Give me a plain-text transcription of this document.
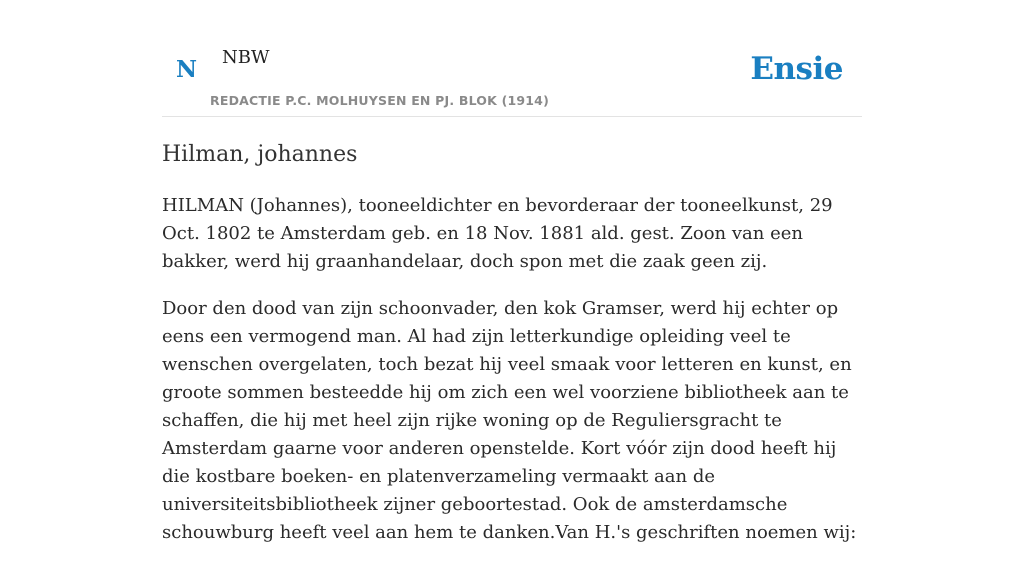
N NBW
REDACTIE P.C. MOLHUYSEN EN PJ. BLOK (1914)
Ensie
Hilman, johannes

HILMAN (Johannes), tooneeldichter en bevorderaar der tooneelkunst, 29 Oct. 1802 te Amsterdam geb. en 18 Nov. 1881 ald. gest. Zoon van een bakker, werd hij graanhandelaar, doch spon met die zaak geen zij.

Door den dood van zijn schoonvader, den kok Gramser, werd hij echter op eens een vermogend man. Al had zijn letterkundige opleiding veel te wenschen overgelaten, toch bezat hij veel smaak voor letteren en kunst, en groote sommen besteedde hij om zich een wel voorziene bibliotheek aan te schaffen, die hij met heel zijn rijke woning op de Reguliersgracht te Amsterdam gaarne voor anderen openstelde. Kort vóór zijn dood heeft hij die kostbare boeken- en platenverzameling vermaakt aan de universiteitsbibliotheek zijner geboortestad. Ook de amsterdamsche schouwburg heeft veel aan hem te danken.Van H.'s geschriften noemen wij:
